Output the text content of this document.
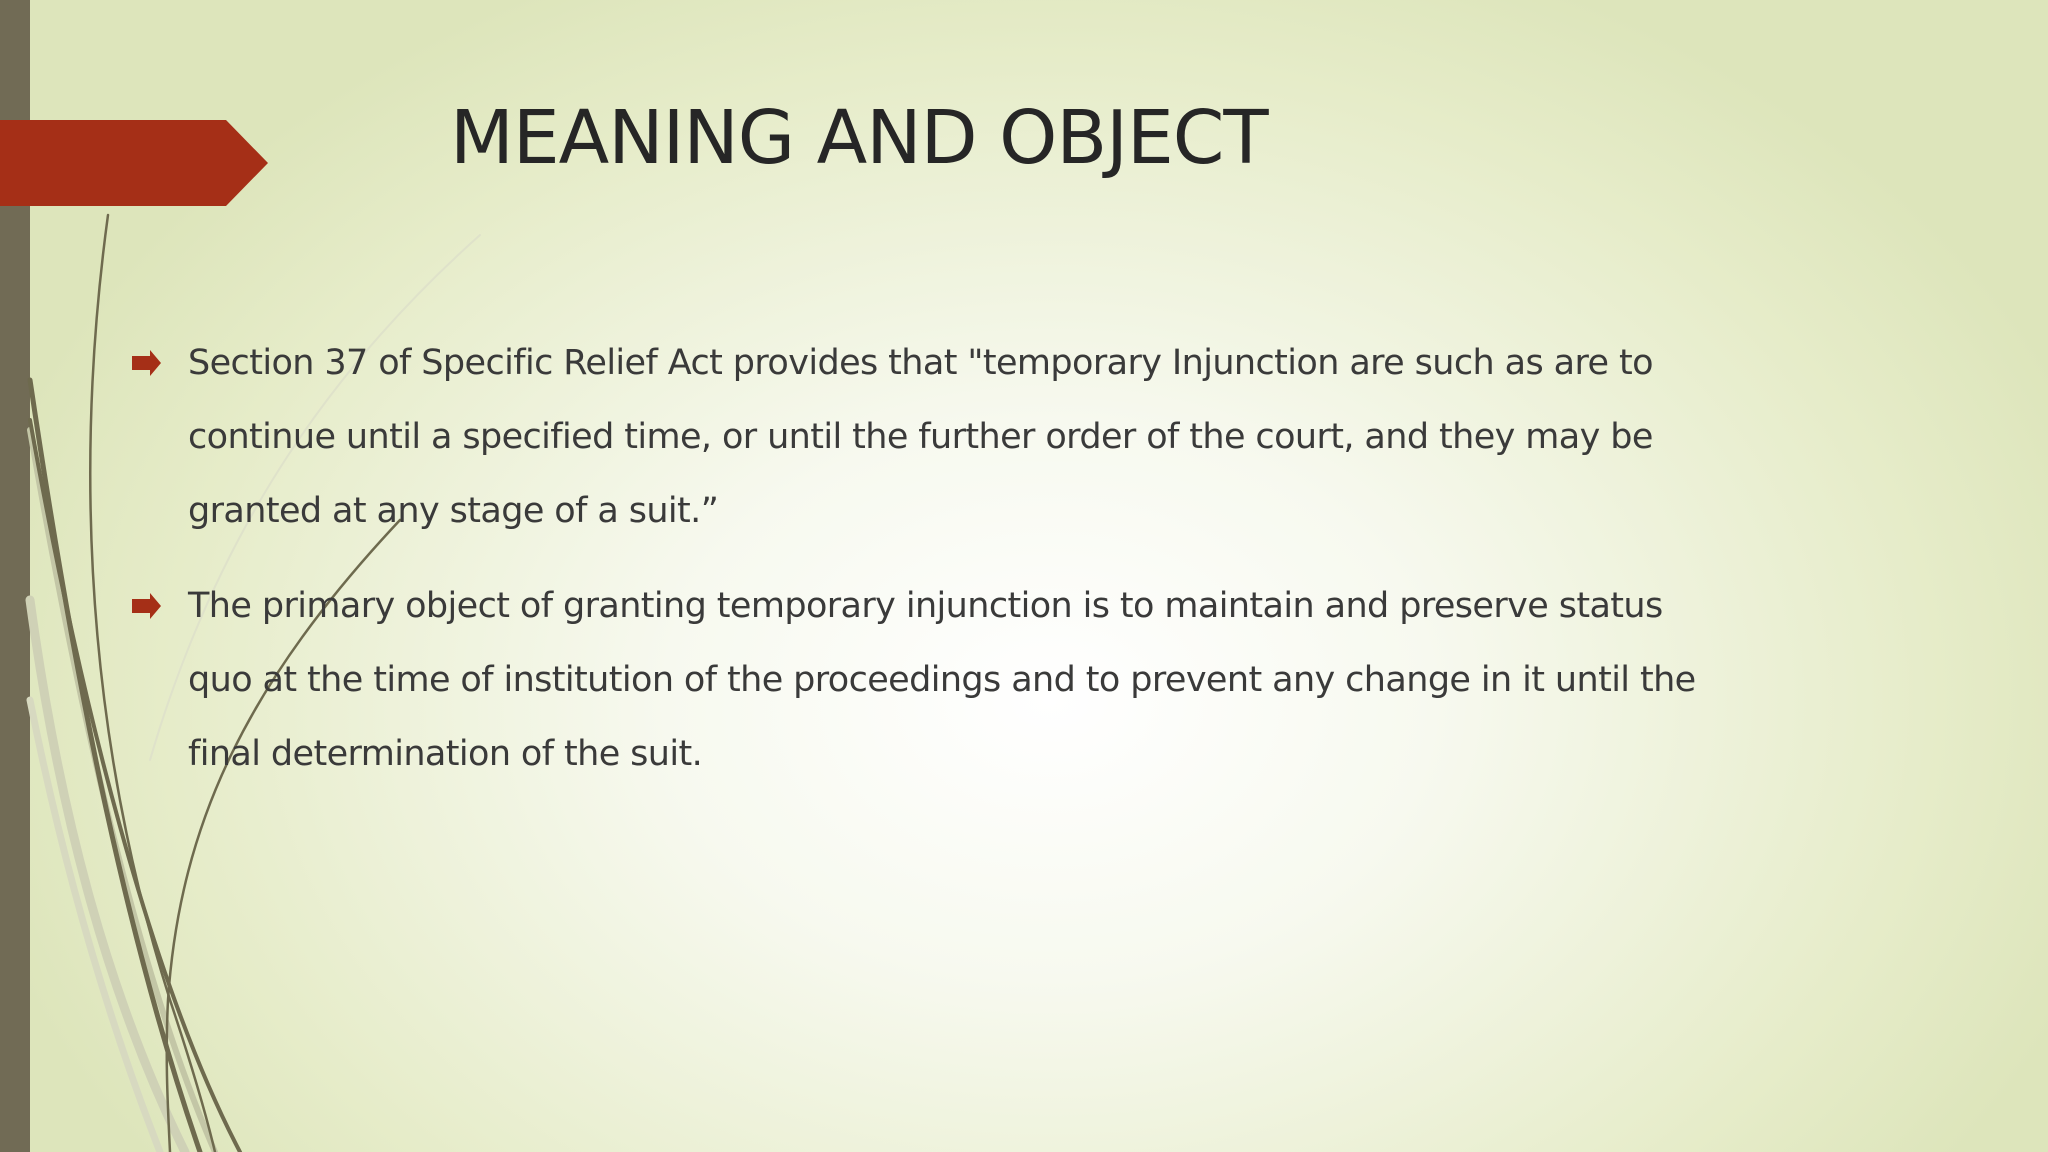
MEANING AND OBJECT
Section 37 of Specific Relief Act provides that "temporary Injunction are such as are to continue until a specified time, or until the further order of the court, and they may be granted at any stage of a suit.”
The primary object of granting temporary injunction is to maintain and preserve status quo at the time of institution of the proceedings and to prevent any change in it until the final determination of the suit.
